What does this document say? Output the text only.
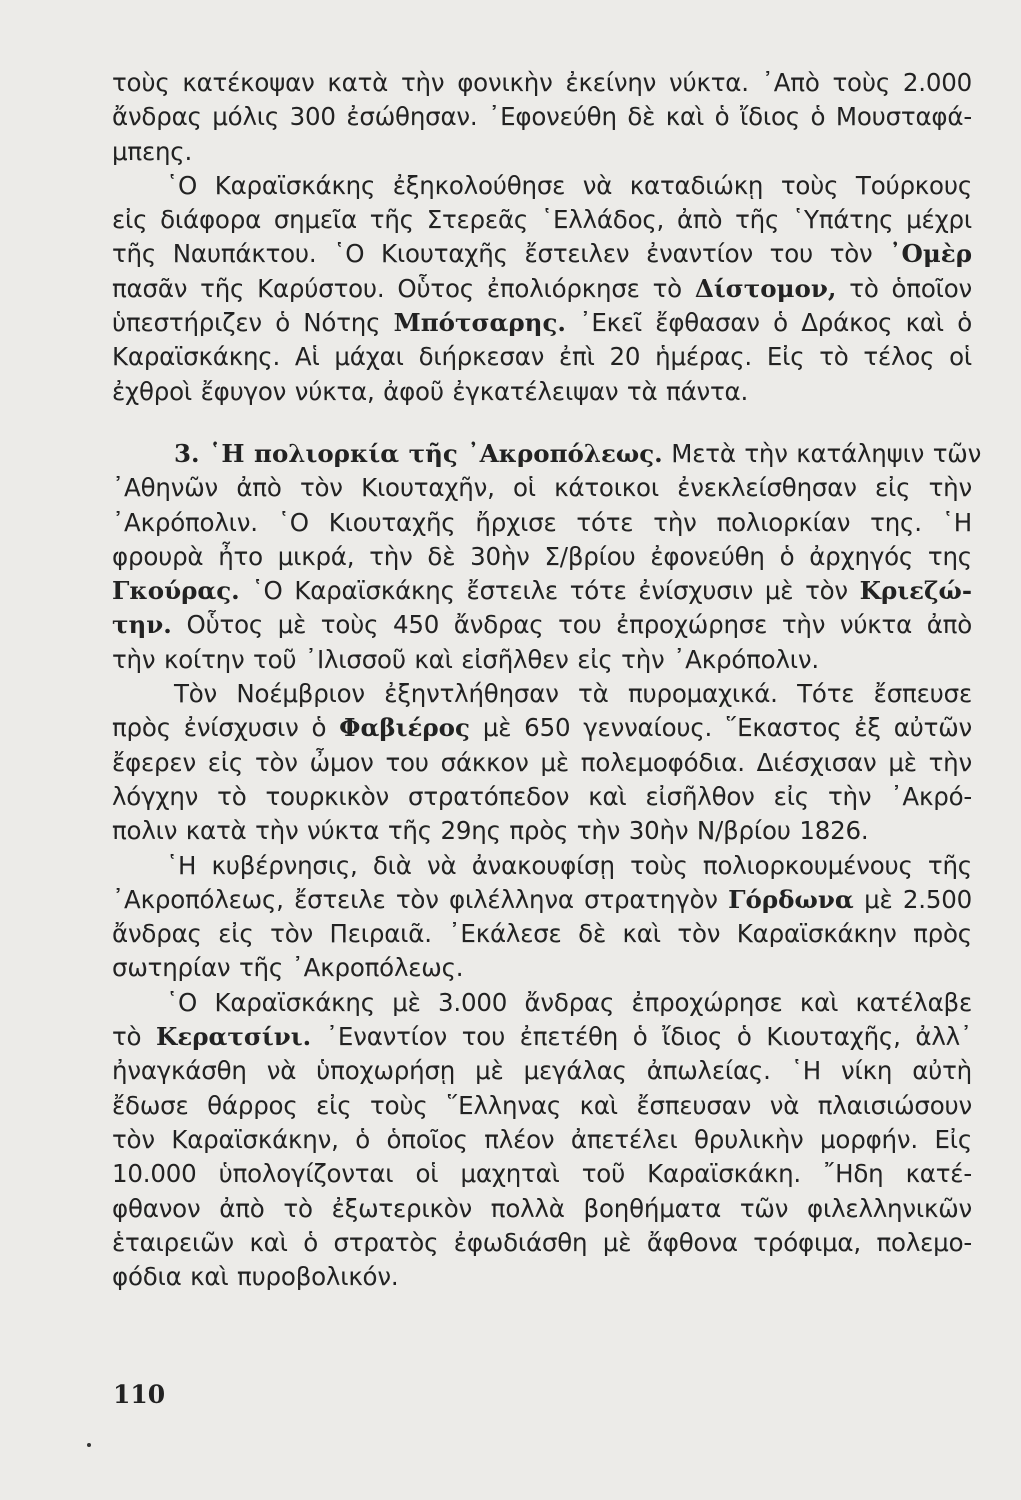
τοὺς κατέκοψαν κατὰ τὴν φονικὴν ἐκείνην νύκτα. ᾿Απὸ τοὺς 2.000
ἄνδρας μόλις 300 ἐσώθησαν. ᾿Εφονεύθη δὲ καὶ ὁ ἴδιος ὁ Μουσταφά-
μπεης.
῾Ο Καραϊσκάκης ἐξηκολούθησε νὰ καταδιώκῃ τοὺς Τούρκους
εἰς διάφορα σημεῖα τῆς Στερεᾶς ῾Ελλάδος, ἀπὸ τῆς ῾Υπάτης μέχρι
τῆς Ναυπάκτου. ῾Ο Κιουταχῆς ἔστειλεν ἐναντίον του τὸν ᾿Ομὲρ
πασᾶν τῆς Καρύστου. Οὗτος ἐπολιόρκησε τὸ Δίστομον, τὸ ὁποῖον
ὑπεστήριζεν ὁ Νότης Μπότσαρης. ᾿Εκεῖ ἔφθασαν ὁ Δράκος καὶ ὁ
Καραϊσκάκης. Αἱ μάχαι διήρκεσαν ἐπὶ 20 ἡμέρας. Εἰς τὸ τέλος οἱ
ἐχθροὶ ἔφυγον νύκτα, ἀφοῦ ἐγκατέλειψαν τὰ πάντα.
3. ῾Η πολιορκία τῆς ᾿Ακροπόλεως. Μετὰ τὴν κατάληψιν τῶν
᾿Αθηνῶν ἀπὸ τὸν Κιουταχῆν, οἱ κάτοικοι ἐνεκλείσθησαν εἰς τὴν
᾿Ακρόπολιν. ῾Ο Κιουταχῆς ἤρχισε τότε τὴν πολιορκίαν της. ῾Η
φρουρὰ ἦτο μικρά, τὴν δὲ 30ὴν Σ/βρίου ἐφονεύθη ὁ ἀρχηγός της
Γκούρας. ῾Ο Καραϊσκάκης ἔστειλε τότε ἐνίσχυσιν μὲ τὸν Κριεζώ-
την. Οὗτος μὲ τοὺς 450 ἄνδρας του ἐπροχώρησε τὴν νύκτα ἀπὸ
τὴν κοίτην τοῦ ᾿Ιλισσοῦ καὶ εἰσῆλθεν εἰς τὴν ᾿Ακρόπολιν.
Τὸν Νοέμβριον ἐξηντλήθησαν τὰ πυρομαχικά. Τότε ἔσπευσε
πρὸς ἐνίσχυσιν ὁ Φαβιέρος μὲ 650 γενναίους. ῞Εκαστος ἐξ αὐτῶν
ἔφερεν εἰς τὸν ὦμον του σάκκον μὲ πολεμοφόδια. Διέσχισαν μὲ τὴν
λόγχην τὸ τουρκικὸν στρατόπεδον καὶ εἰσῆλθον εἰς τὴν ᾿Ακρό-
πολιν κατὰ τὴν νύκτα τῆς 29ης πρὸς τὴν 30ὴν Ν/βρίου 1826.
῾Η κυβέρνησις, διὰ νὰ ἀνακουφίσῃ τοὺς πολιορκουμένους τῆς
᾿Ακροπόλεως, ἔστειλε τὸν φιλέλληνα στρατηγὸν Γόρδωνα μὲ 2.500
ἄνδρας εἰς τὸν Πειραιᾶ. ᾿Εκάλεσε δὲ καὶ τὸν Καραϊσκάκην πρὸς
σωτηρίαν τῆς ᾿Ακροπόλεως.
῾Ο Καραϊσκάκης μὲ 3.000 ἄνδρας ἐπροχώρησε καὶ κατέλαβε
τὸ Κερατσίνι. ᾿Εναντίον του ἐπετέθη ὁ ἴδιος ὁ Κιουταχῆς, ἀλλ᾿
ἠναγκάσθη νὰ ὑποχωρήσῃ μὲ μεγάλας ἀπωλείας. ῾Η νίκη αὐτὴ
ἔδωσε θάρρος εἰς τοὺς ῞Ελληνας καὶ ἔσπευσαν νὰ πλαισιώσουν
τὸν Καραϊσκάκην, ὁ ὁποῖος πλέον ἀπετέλει θρυλικὴν μορφήν. Εἰς
10.000 ὑπολογίζονται οἱ μαχηταὶ τοῦ Καραϊσκάκη. ῎Ηδη κατέ-
φθανον ἀπὸ τὸ ἐξωτερικὸν πολλὰ βοηθήματα τῶν φιλελληνικῶν
ἑταιρειῶν καὶ ὁ στρατὸς ἐφωδιάσθη μὲ ἄφθονα τρόφιμα, πολεμο-
φόδια καὶ πυροβολικόν.
110
